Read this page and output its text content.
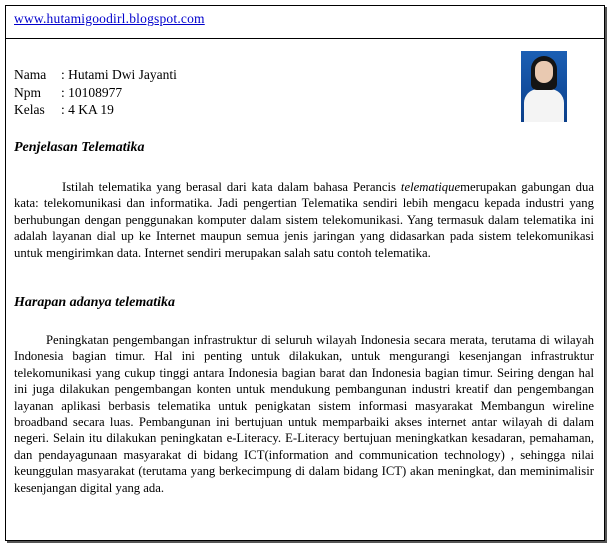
www.hutamigoodirl.blogspot.com
Nama	: Hutami Dwi Jayanti
Npm	: 10108977
Kelas	: 4 KA 19
Penjelasan Telematika
Istilah telematika yang berasal dari kata dalam bahasa Perancis telematiquemerupakan gabungan dua kata: telekomunikasi dan informatika. Jadi pengertian Telematika sendiri lebih mengacu kepada industri yang berhubungan dengan penggunakan komputer dalam sistem telekomunikasi. Yang termasuk dalam telematika ini adalah layanan dial up ke Internet maupun semua jenis jaringan yang didasarkan pada sistem telekomunikasi untuk mengirimkan data. Internet sendiri merupakan salah satu contoh telematika.
Harapan adanya telematika
Peningkatan pengembangan infrastruktur di seluruh wilayah Indonesia secara merata, terutama di wilayah Indonesia bagian timur. Hal ini penting untuk dilakukan, untuk mengurangi kesenjangan infrastruktur telekomunikasi yang cukup tinggi antara Indonesia bagian barat dan Indonesia bagian timur. Seiring dengan hal ini juga dilakukan pengembangan konten untuk mendukung pembangunan industri kreatif dan pengembangan layanan aplikasi berbasis telematika untuk penigkatan sistem informasi masyarakat Membangun wireline broadband secara luas. Pembangunan ini bertujuan untuk memparbaiki akses internet antar wilayah di dalam negeri. Selain itu dilakukan peningkatan e-Literacy. E-Literacy bertujuan meningkatkan kesadaran, pemahaman, dan pendayagunaan masyarakat di bidang ICT(information and communication technology) , sehingga nilai keunggulan masyarakat (terutama yang berkecimpung di dalam bidang ICT) akan meningkat, dan meminimalisir kesenjangan digital yang ada.
